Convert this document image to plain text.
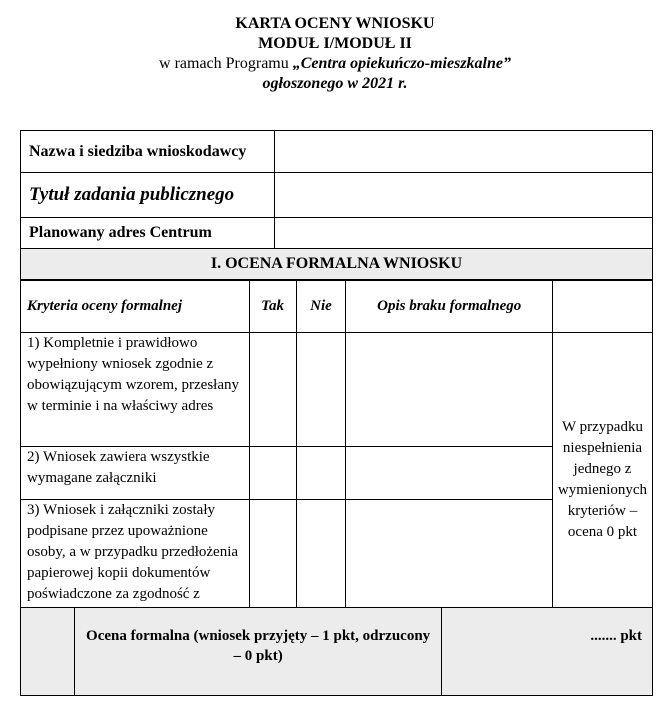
KARTA OCENY WNIOSKU
MODUŁ I/MODUŁ II
w ramach Programu „Centra opiekuńczo-mieszkalne”
ogłoszonego w 2021 r.
Nazwa i siedziba wnioskodawcy	
Tytuł zadania publicznego	
Planowany adres Centrum	
I. OCENA FORMALNA WNIOSKU	
Kryteria oceny formalnej	Tak	Nie	Opis braku formalnego	
1) Kompletnie i prawidłowo wypełniony wniosek zgodnie z obowiązującym wzorem, przesłany w terminie i na właściwy adres				W przypadku niespełnienia jednego z wymienionych kryteriów – ocena 0 pkt
2) Wniosek zawiera wszystkie wymagane załączniki				
3) Wniosek i załączniki zostały podpisane przez upoważnione osoby, a w przypadku przedłożenia papierowej kopii dokumentów poświadczone za zgodność z				
	Ocena formalna (wniosek przyjęty – 1 pkt, odrzucony – 0 pkt)	....... pkt
